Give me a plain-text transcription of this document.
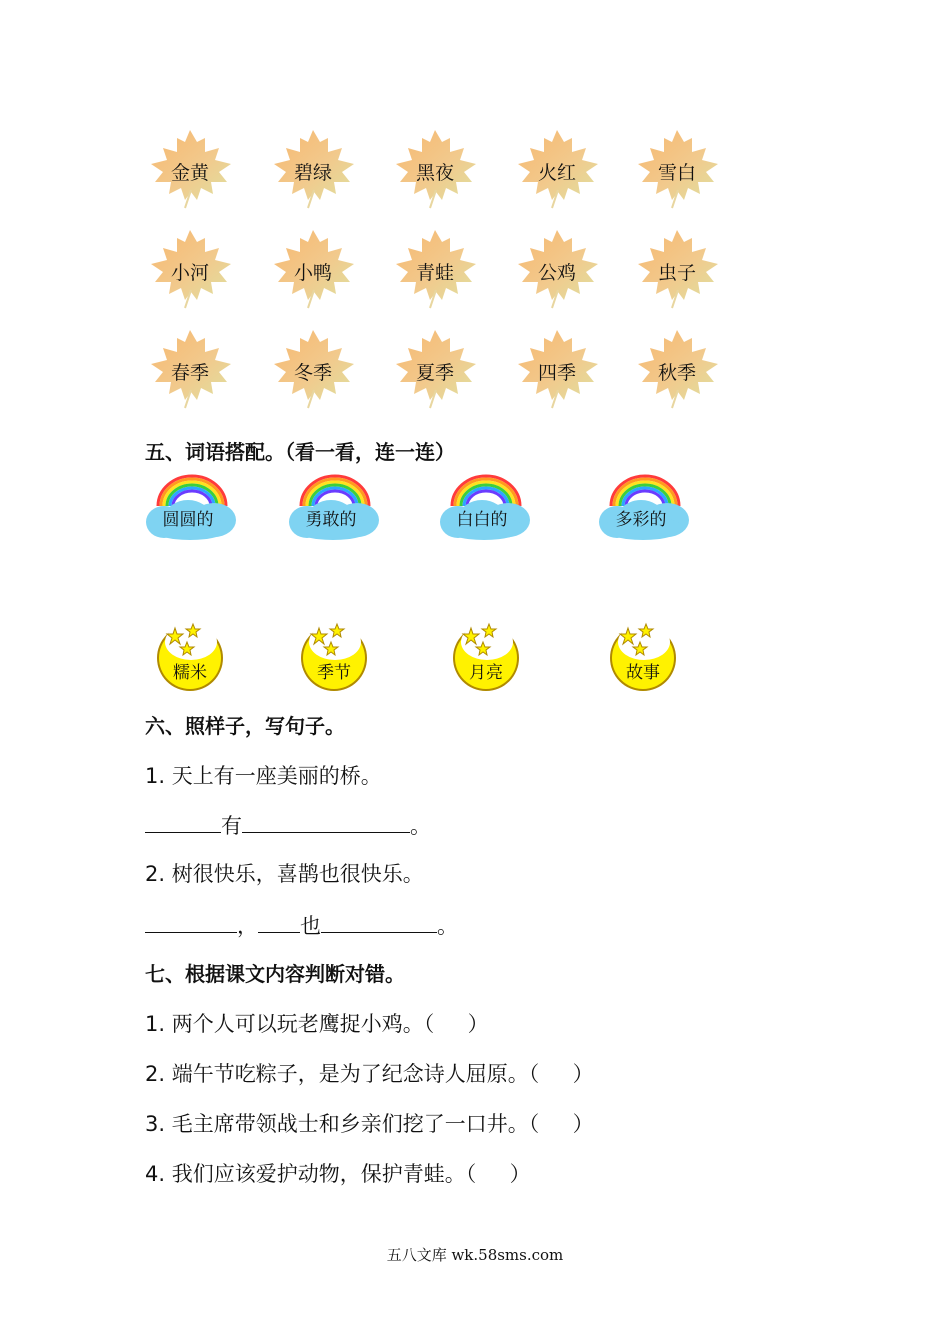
金黄	碧绿	黑夜	火红	雪白
小河	小鸭	青蛙	公鸡	虫子
春季	冬季	夏季	四季	秋季
五、词语搭配。（看一看，连一连）
圆圆的	勇敢的	白白的	多彩的
糯米	季节	月亮	故事
六、照样子，写句子。
1. 天上有一座美丽的桥。
有	。
2. 树很快乐，喜鹊也很快乐。
， 也	。
七、根据课文内容判断对错。
1. 两个人可以玩老鹰捉小鸡。（     ）
2. 端午节吃粽子，是为了纪念诗人屈原。（     ）
3. 毛主席带领战士和乡亲们挖了一口井。（     ）
4. 我们应该爱护动物，保护青蛙。（     ）
五八文库 wk.58sms.com
